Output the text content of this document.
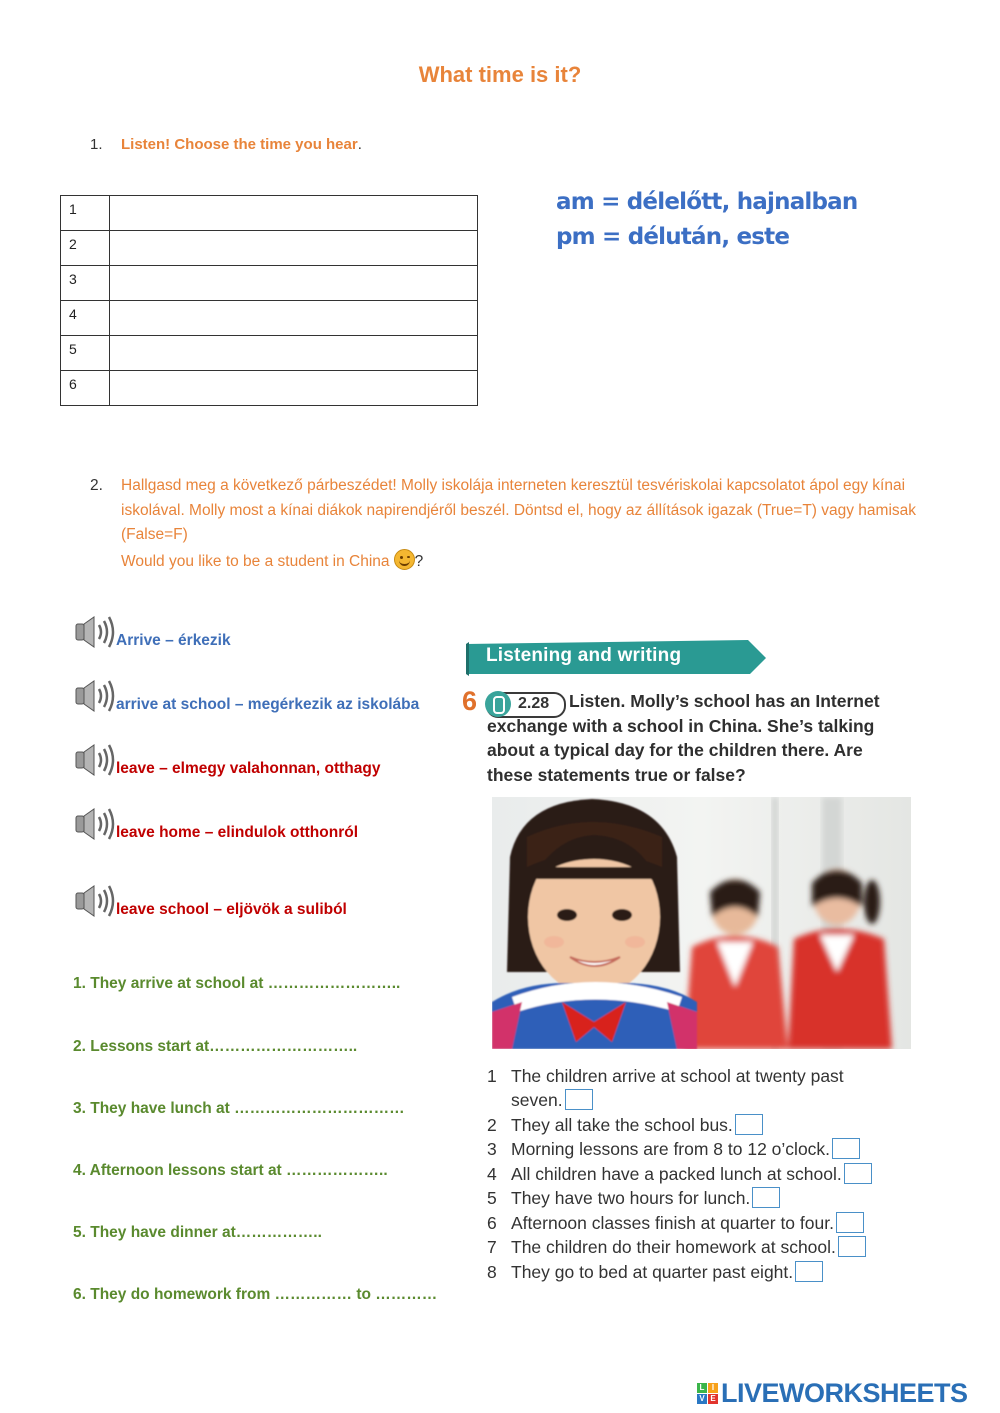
What time is it?
1. Listen! Choose the time you hear.
1	
2	
3	
4	
5	
6	
am = délelőtt, hajnalban
pm = délután, este
2. Hallgasd meg a következő párbeszédet! Molly iskolája interneten keresztül tesvériskolai kapcsolatot ápol egy kínai iskolával. Molly most a kínai diákok napirendjéről beszél. Döntsd el, hogy az állítások igazak (True=T) vagy hamisak (False=F)
Would you like to be a student in China ?
Arrive – érkezik
arrive at school – megérkezik az iskolába
leave – elmegy valahonnan, otthagy
leave home – elindulok otthonról
leave school – eljövök a suliból
1. They arrive at school at ……………………..
2. Lessons start at………………………..
3. They have lunch at ……………………………
4. Afternoon lessons start at ………………..
5. They have dinner at……………..
6. They do homework from …………… to …………
Listening and writing
6	2.28	Listen. Molly’s school has an Internet exchange with a school in China. She’s talking about a typical day for the children there. Are these statements true or false?
1 The children arrive at school at twenty past
seven.
2 They all take the school bus.
3 Morning lessons are from 8 to 12 o’clock.
4 All children have a packed lunch at school.
5 They have two hours for lunch.
6 Afternoon classes finish at quarter to four.
7 The children do their homework at school.
8 They go to bed at quarter past eight.
L I
V E LIVEWORKSHEETS
